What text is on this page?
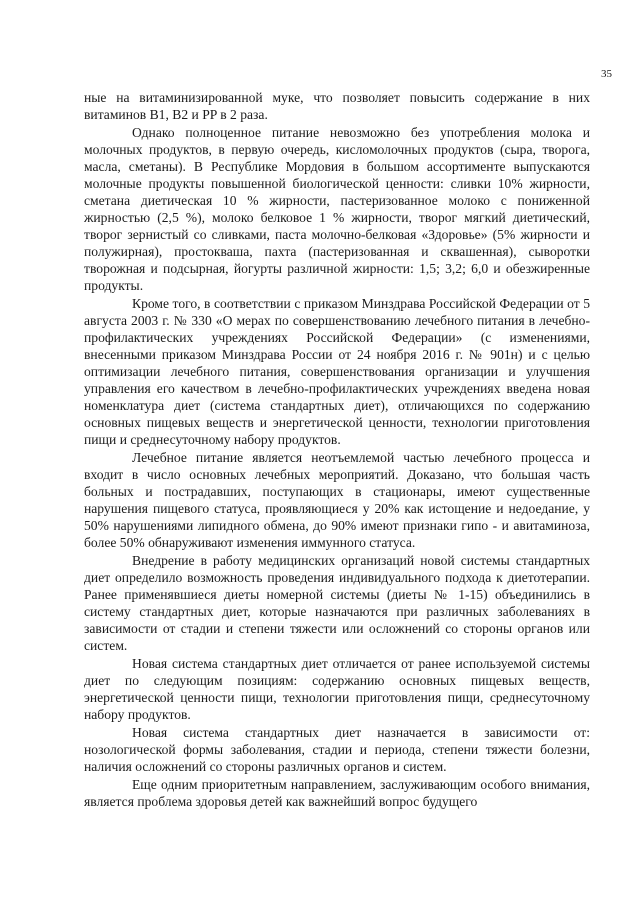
35

ные на витаминизированной муке, что позволяет повысить содержание в них витаминов В1, В2 и PP в 2 раза.

Однако полноценное питание невозможно без употребления молока и молочных продуктов, в первую очередь, кисломолочных продуктов (сыра, творога, масла, сметаны). В Республике Мордовия в большом ассортименте выпускаются молочные продукты повышенной биологической ценности: сливки 10% жирности, сметана диетическая 10 % жирности, пастеризованное молоко с пониженной жирностью (2,5 %), молоко белковое 1 % жирности, творог мягкий диетический, творог зернистый со сливками, паста молочно-белковая «Здоровье» (5% жирности и полужирная), простокваша, пахта (пастеризованная и сквашенная), сыворотки творожная и подсырная, йогурты различной жирности: 1,5; 3,2; 6,0 и обезжиренные продукты.

Кроме того, в соответствии с приказом Минздрава Российской Федерации от 5 августа 2003 г. № 330 «О мерах по совершенствованию лечебного питания в лечебно-профилактических учреждениях Российской Федерации» (с изменениями, внесенными приказом Минздрава России от 24 ноября 2016 г. № 901н) и с целью оптимизации лечебного питания, совершенствования организации и улучшения управления его качеством в лечебно-профилактических учреждениях введена новая номенклатура диет (система стандартных диет), отличающихся по содержанию основных пищевых веществ и энергетической ценности, технологии приготовления пищи и среднесуточному набору продуктов.

Лечебное питание является неотъемлемой частью лечебного процесса и входит в число основных лечебных мероприятий. Доказано, что большая часть больных и пострадавших, поступающих в стационары, имеют существенные нарушения пищевого статуса, проявляющиеся у 20% как истощение и недоедание, у 50% нарушениями липидного обмена, до 90% имеют признаки гипо - и авитаминоза, более 50% обнаруживают изменения иммунного статуса.

Внедрение в работу медицинских организаций новой системы стандартных диет определило возможность проведения индивидуального подхода к диетотерапии. Ранее применявшиеся диеты номерной системы (диеты № 1-15) объединились в систему стандартных диет, которые назначаются при различных заболеваниях в зависимости от стадии и степени тяжести или осложнений со стороны органов или систем.

Новая система стандартных диет отличается от ранее используемой системы диет по следующим позициям: содержанию основных пищевых веществ, энергетической ценности пищи, технологии приготовления пищи, среднесуточному набору продуктов.

Новая система стандартных диет назначается в зависимости от: нозологической формы заболевания, стадии и периода, степени тяжести болезни, наличия осложнений со стороны различных органов и систем.

Еще одним приоритетным направлением, заслуживающим особого внимания, является проблема здоровья детей как важнейший вопрос будущего
